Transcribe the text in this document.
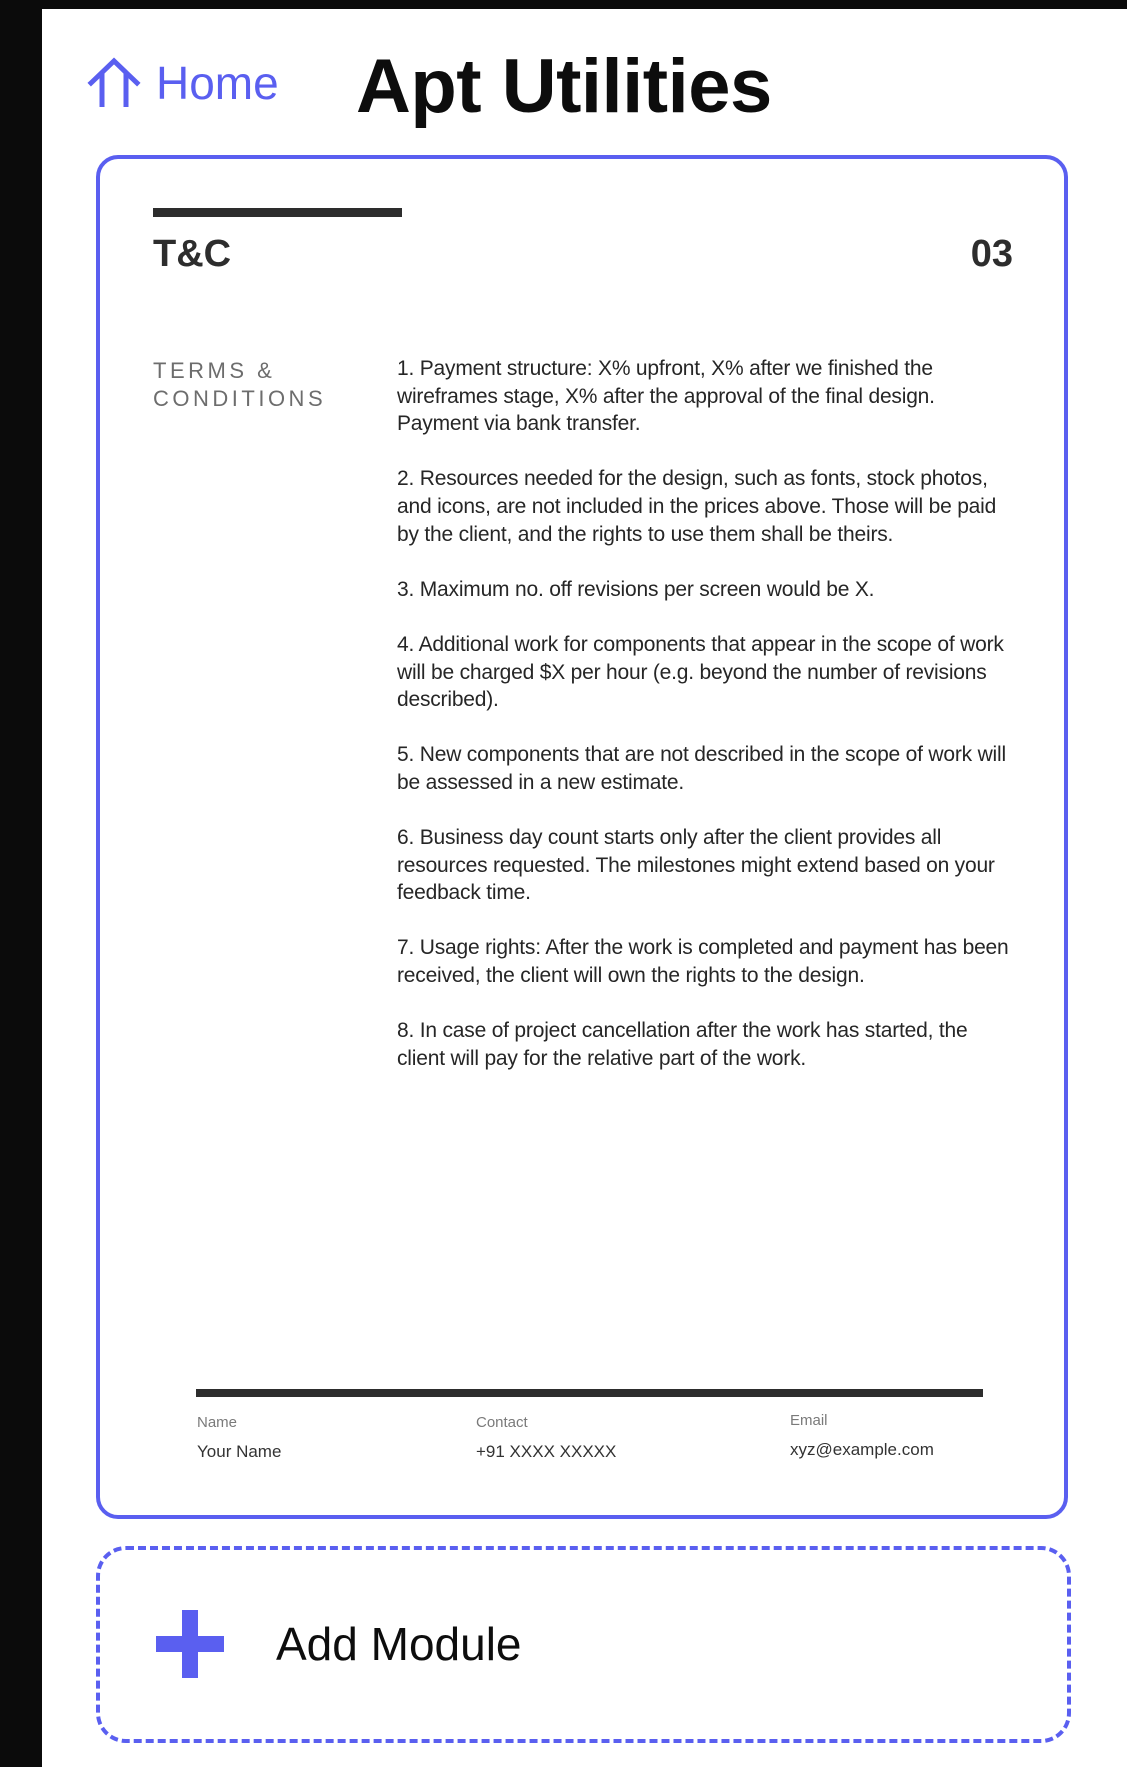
Home Apt Utilities
T&C	03
TERMS &
CONDITIONS
1. Payment structure: X% upfront, X% after we finished the wireframes stage, X% after the approval of the final design. Payment via bank transfer.
2. Resources needed for the design, such as fonts, stock photos, and icons, are not included in the prices above. Those will be paid by the client, and the rights to use them shall be theirs.
3. Maximum no. off revisions per screen would be X.
4. Additional work for components that appear in the scope of work will be charged $X per hour (e.g. beyond the number of revisions described).
5. New components that are not described in the scope of work will be assessed in a new estimate.
6. Business day count starts only after the client provides all resources requested. The milestones might extend based on your feedback time.
7. Usage rights: After the work is completed and payment has been received, the client will own the rights to the design.
8. In case of project cancellation after the work has started, the client will pay for the relative part of the work.
Name
Your Name
Contact
+91 XXXX XXXXX
Email
xyz@example.com
Add Module
